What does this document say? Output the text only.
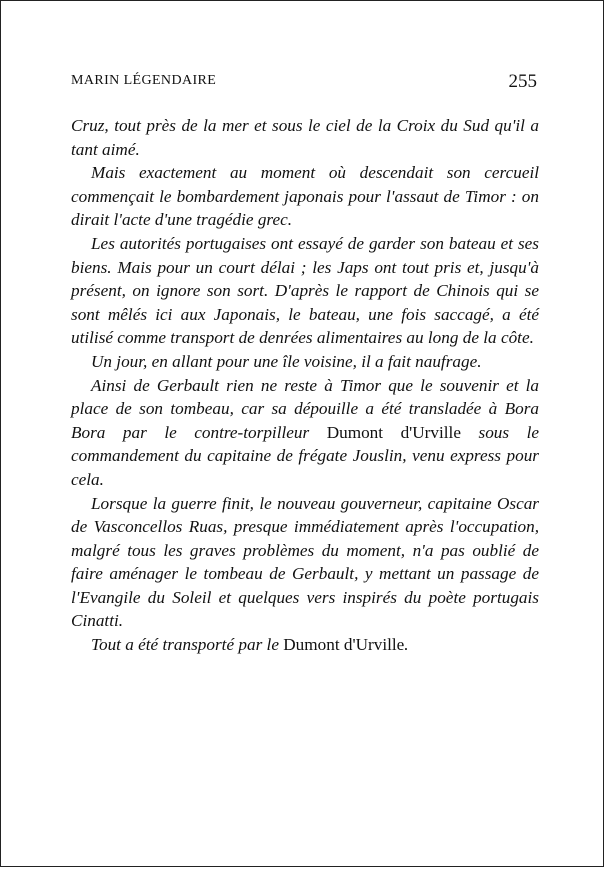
MARIN LÉGENDAIRE	255

Cruz, tout près de la mer et sous le ciel de la Croix du Sud qu'il a tant aimé.

Mais exactement au moment où descendait son cercueil commençait le bombardement japonais pour l'assaut de Timor : on dirait l'acte d'une tragédie grec.

Les autorités portugaises ont essayé de garder son bateau et ses biens. Mais pour un court délai ; les Japs ont tout pris et, jusqu'à présent, on ignore son sort. D'après le rapport de Chinois qui se sont mêlés ici aux Japonais, le bateau, une fois saccagé, a été utilisé comme transport de denrées alimentaires au long de la côte.

Un jour, en allant pour une île voisine, il a fait naufrage.

Ainsi de Gerbault rien ne reste à Timor que le souvenir et la place de son tombeau, car sa dépouille a été transladée à Bora Bora par le contre-torpilleur Dumont d'Urville sous le commandement du capitaine de frégate Jouslin, venu express pour cela.

Lorsque la guerre finit, le nouveau gouverneur, capitaine Oscar de Vasconcellos Ruas, presque immédiatement après l'occupation, malgré tous les graves problèmes du moment, n'a pas oublié de faire aménager le tombeau de Gerbault, y mettant un passage de l'Evangile du Soleil et quelques vers inspirés du poète portugais Cinatti.

Tout a été transporté par le Dumont d'Urville.
